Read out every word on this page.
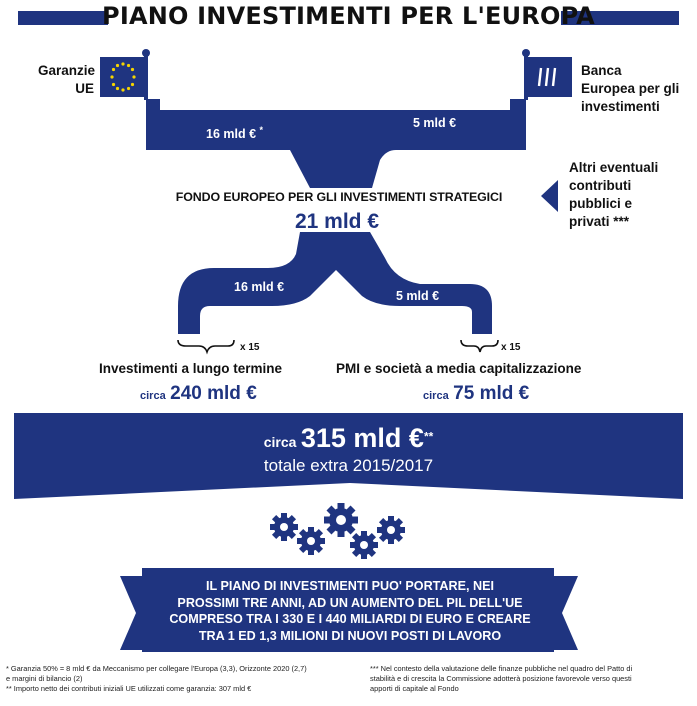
PIANO INVESTIMENTI PER L'EUROPA
Garanzie
UE
Banca
Europea per gli
investimenti
16 mld € *	5 mld €
FONDO EUROPEO PER GLI INVESTIMENTI STRATEGICI
21 mld €
Altri eventuali
contributi
pubblici e
privati ***
16 mld €
5 mld €
x 15	x 15
Investimenti a lungo termine
circa 240 mld €
PMI e società a media capitalizzazione
circa 75 mld €
circa 315 mld €**
totale extra 2015/2017
IL PIANO DI INVESTIMENTI PUO' PORTARE, NEI
PROSSIMI TRE ANNI, AD UN AUMENTO DEL PIL DELL'UE
COMPRESO TRA I 330 E I 440 MILIARDI DI EURO E CREARE
TRA 1 ED 1,3 MILIONI DI NUOVI POSTI DI LAVORO
* Garanzia 50% = 8 mld € da Meccanismo per collegare l'Europa (3,3), Orizzonte 2020 (2,7)
e margini di bilancio (2)
** Importo netto dei contributi iniziali UE utilizzati come garanzia: 307 mld €
*** Nel contesto della valutazione delle finanze pubbliche nel quadro del Patto di
stabilità e di crescita la Commissione adotterà posizione favorevole verso questi
apporti di capitale al Fondo
